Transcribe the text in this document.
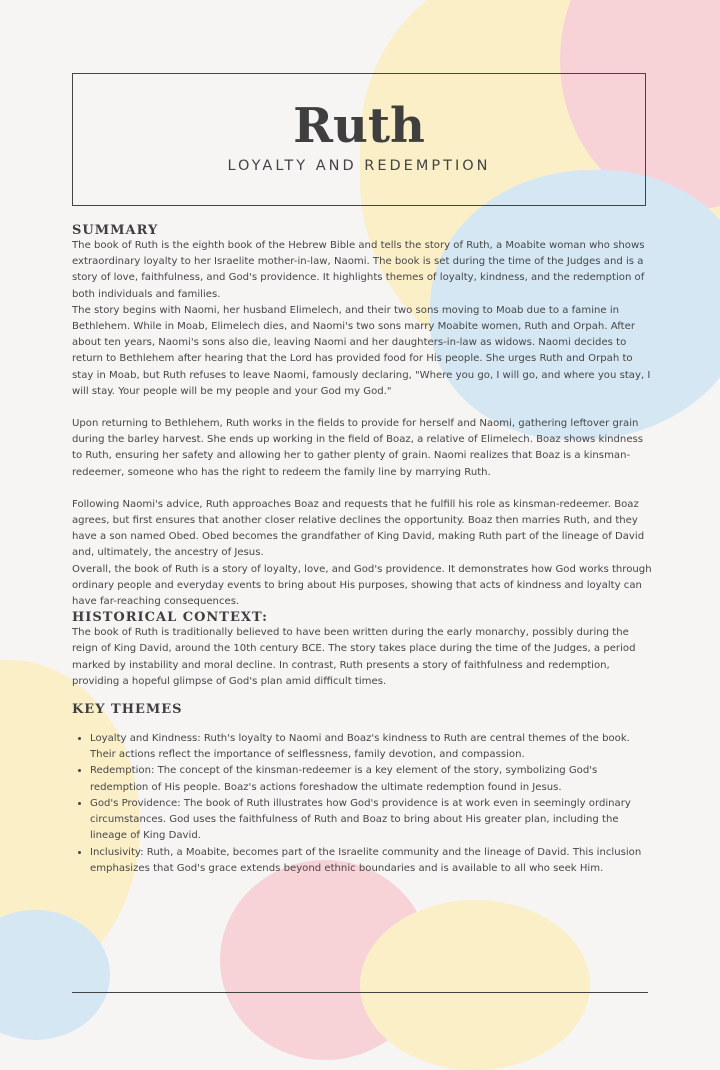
Ruth
LOYALTY AND REDEMPTION
SUMMARY

The book of Ruth is the eighth book of the Hebrew Bible and tells the story of Ruth, a Moabite woman who shows extraordinary loyalty to her Israelite mother-in-law, Naomi. The book is set during the time of the Judges and is a story of love, faithfulness, and God's providence. It highlights themes of loyalty, kindness, and the redemption of both individuals and families.

The story begins with Naomi, her husband Elimelech, and their two sons moving to Moab due to a famine in Bethlehem. While in Moab, Elimelech dies, and Naomi's two sons marry Moabite women, Ruth and Orpah. After about ten years, Naomi's sons also die, leaving Naomi and her daughters-in-law as widows. Naomi decides to return to Bethlehem after hearing that the Lord has provided food for His people. She urges Ruth and Orpah to stay in Moab, but Ruth refuses to leave Naomi, famously declaring, "Where you go, I will go, and where you stay, I will stay. Your people will be my people and your God my God."

Upon returning to Bethlehem, Ruth works in the fields to provide for herself and Naomi, gathering leftover grain during the barley harvest. She ends up working in the field of Boaz, a relative of Elimelech. Boaz shows kindness to Ruth, ensuring her safety and allowing her to gather plenty of grain. Naomi realizes that Boaz is a kinsman-redeemer, someone who has the right to redeem the family line by marrying Ruth.

Following Naomi's advice, Ruth approaches Boaz and requests that he fulfill his role as kinsman-redeemer. Boaz agrees, but first ensures that another closer relative declines the opportunity. Boaz then marries Ruth, and they have a son named Obed. Obed becomes the grandfather of King David, making Ruth part of the lineage of David and, ultimately, the ancestry of Jesus.

Overall, the book of Ruth is a story of loyalty, love, and God's providence. It demonstrates how God works through ordinary people and everyday events to bring about His purposes, showing that acts of kindness and loyalty can have far-reaching consequences.

HISTORICAL CONTEXT:

The book of Ruth is traditionally believed to have been written during the early monarchy, possibly during the reign of King David, around the 10th century BCE. The story takes place during the time of the Judges, a period marked by instability and moral decline. In contrast, Ruth presents a story of faithfulness and redemption, providing a hopeful glimpse of God's plan amid difficult times.

KEY THEMES
• Loyalty and Kindness: Ruth's loyalty to Naomi and Boaz's kindness to Ruth are central themes of the book. Their actions reflect the importance of selflessness, family devotion, and compassion.
• Redemption: The concept of the kinsman-redeemer is a key element of the story, symbolizing God's redemption of His people. Boaz's actions foreshadow the ultimate redemption found in Jesus.
• God's Providence: The book of Ruth illustrates how God's providence is at work even in seemingly ordinary circumstances. God uses the faithfulness of Ruth and Boaz to bring about His greater plan, including the lineage of King David.
• Inclusivity: Ruth, a Moabite, becomes part of the Israelite community and the lineage of David. This inclusion emphasizes that God's grace extends beyond ethnic boundaries and is available to all who seek Him.
